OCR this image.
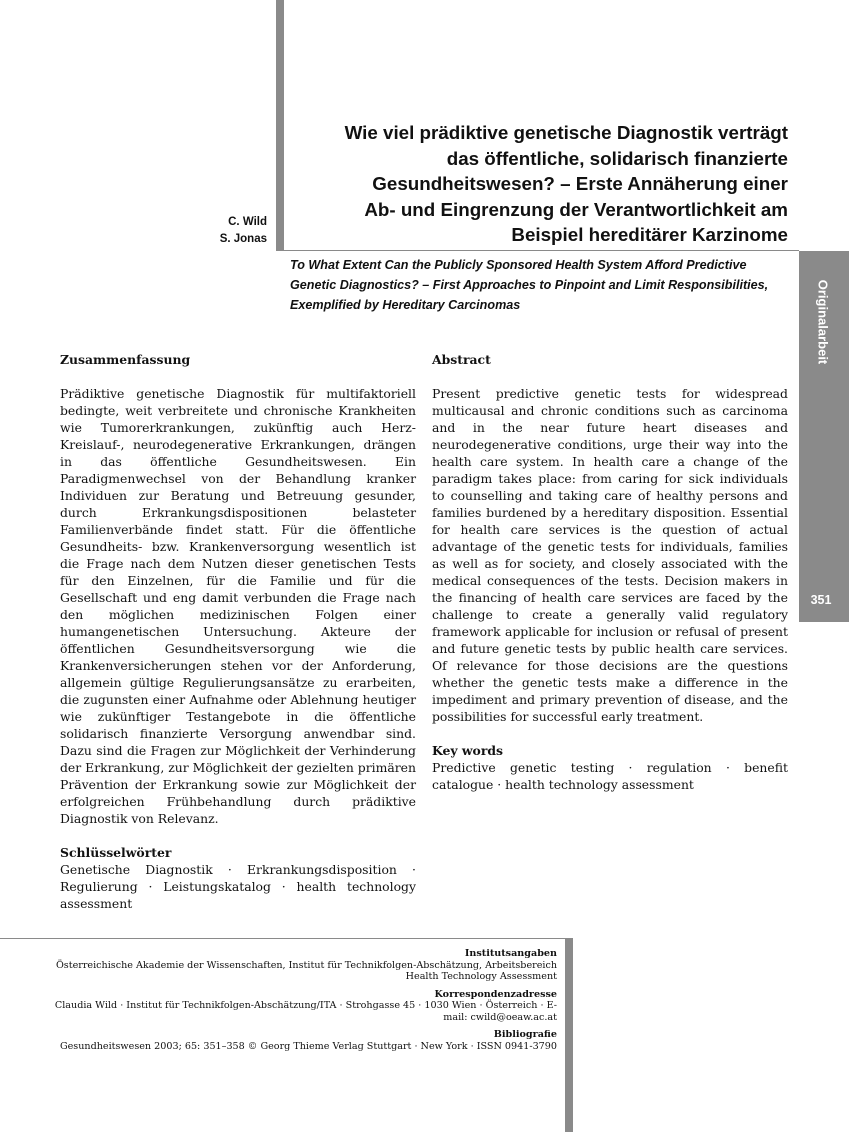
Wie viel prädiktive genetische Diagnostik verträgt
das öffentliche, solidarisch finanzierte
Gesundheitswesen? – Erste Annäherung einer
Ab- und Eingrenzung der Verantwortlichkeit am
Beispiel hereditärer Karzinome
C. Wild
S. Jonas
To What Extent Can the Publicly Sponsored Health System Afford Predictive
Genetic Diagnostics? – First Approaches to Pinpoint and Limit Responsibilities,
Exemplified by Hereditary Carcinomas	Originalarbeit
351
Zusammenfassung

Prädiktive genetische Diagnostik für multifaktoriell bedingte, weit verbreitete und chronische Krankheiten wie Tumorerkrankungen, zukünftig auch Herz-Kreislauf-, neurodegenerative Erkrankungen, drängen in das öffentliche Gesundheitswesen. Ein Paradigmenwechsel von der Behandlung kranker Individuen zur Beratung und Betreuung gesunder, durch Erkrankungsdispositionen belasteter Familienverbände findet statt. Für die öffentliche Gesundheits- bzw. Krankenversorgung wesentlich ist die Frage nach dem Nutzen dieser genetischen Tests für den Einzelnen, für die Familie und für die Gesellschaft und eng damit verbunden die Frage nach den möglichen medizinischen Folgen einer humangenetischen Untersuchung. Akteure der öffentlichen Gesundheitsversorgung wie die Krankenversicherungen stehen vor der Anforderung, allgemein gültige Regulierungsansätze zu erarbeiten, die zugunsten einer Aufnahme oder Ablehnung heutiger wie zukünftiger Testangebote in die öffentliche solidarisch finanzierte Versorgung anwendbar sind. Dazu sind die Fragen zur Möglichkeit der Verhinderung der Erkrankung, zur Möglichkeit der gezielten primären Prävention der Erkrankung sowie zur Möglichkeit der erfolgreichen Frühbehandlung durch prädiktive Diagnostik von Relevanz.

Schlüsselwörter

Genetische Diagnostik · Erkrankungsdisposition · Regulierung · Leistungskatalog · health technology assessment

Abstract

Present predictive genetic tests for widespread multicausal and chronic conditions such as carcinoma and in the near future heart diseases and neurodegenerative conditions, urge their way into the health care system. In health care a change of the paradigm takes place: from caring for sick individuals to counselling and taking care of healthy persons and families burdened by a hereditary disposition. Essential for health care services is the question of actual advantage of the genetic tests for individuals, families as well as for society, and closely associated with the medical consequences of the tests. Decision makers in the financing of health care services are faced by the challenge to create a generally valid regulatory framework applicable for inclusion or refusal of present and future genetic tests by public health care services. Of relevance for those decisions are the questions whether the genetic tests make a difference in the impediment and primary prevention of disease, and the possibilities for successful early treatment.

Key words

Predictive genetic testing · regulation · benefit catalogue · health technology assessment

Institutsangaben
Österreichische Akademie der Wissenschaften, Institut für Technikfolgen-Abschätzung, Arbeitsbereich Health Technology Assessment
Korrespondenzadresse
Claudia Wild · Institut für Technikfolgen-Abschätzung/ITA · Strohgasse 45 · 1030 Wien · Österreich · E-mail: cwild@oeaw.ac.at
Bibliografie
Gesundheitswesen 2003; 65: 351–358 © Georg Thieme Verlag Stuttgart · New York · ISSN 0941-3790
